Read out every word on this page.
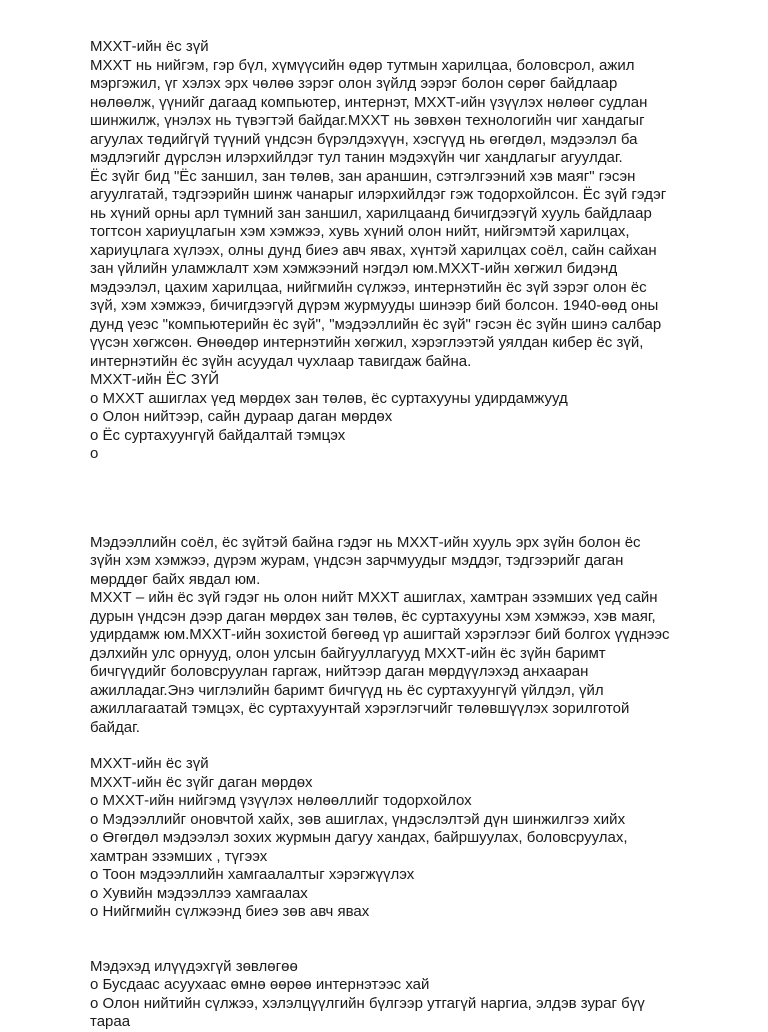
МХХТ-ийн ёс зүй
МХХТ нь нийгэм, гэр бүл, хүмүүсийн өдөр тутмын харилцаа, боловсрол, ажил
мэргэжил, үг хэлэх эрх чөлөө зэрэг олон зүйлд ээрэг болон сөрөг байдлаар
нөлөөлж, үүнийг дагаад компьютер, интернэт, МХХТ-ийн үзүүлэх нөлөөг судлан
шинжилж, үнэлэх нь түвэгтэй байдаг.МХХТ нь зөвхөн технологийн чиг хандагыг
агуулах төдийгүй түүний үндсэн бүрэлдэхүүн, хэсгүүд нь өгөгдөл, мэдээлэл ба
мэдлэгийг дүрслэн илэрхийлдэг тул танин мэдэхүйн чиг хандлагыг агуулдаг.
Ёс зүйг бид "Ёс заншил, зан төлөв, зан араншин, сэтгэлгээний хэв маяг" гэсэн
агуулгатай, тэдгээрийн шинж чанарыг илэрхийлдэг гэж тодорхойлсон. Ёс зүй гэдэг
нь хүний орны арл түмний зан заншил, харилцаанд бичигдээгүй хууль байдлаар
тогтсон хариуцлагын хэм хэмжээ, хувь хүний олон нийт, нийгэмтэй харилцах,
хариуцлага хүлээх, олны дунд биеэ авч явах, хүнтэй харилцах соёл, сайн сайхан
зан үйлийн уламжлалт хэм хэмжээний нэгдэл юм.МХХТ-ийн хөгжил бидэнд
мэдээлэл, цахим харилцаа, нийгмийн сүлжээ, интернэтийн ёс зүй зэрэг олон ёс
зүй, хэм хэмжээ, бичигдээгүй дүрэм журмууды шинээр бий болсон. 1940-өөд оны
дунд үеэс "компьютерийн ёс зүй", "мэдээллийн ёс зүй" гэсэн ёс зүйн шинэ салбар
үүсэн хөгжсөн. Өнөөдөр интернэтийн хөгжил, хэрэглээтэй уялдан кибер ёс зүй,
интернэтийн ёс зүйн асуудал чухлаар тавигдаж байна.
МХХТ-ийн ЁС ЗҮЙ
o МХХТ ашиглах үед мөрдөх зан төлөв, ёс суртахууны удирдамжууд
o Олон нийтээр, сайн дураар даган мөрдөх
o Ёс суртахуунгүй байдалтай тэмцэх
o
Мэдээллийн соёл, ёс зүйтэй байна гэдэг нь МХХТ-ийн хууль эрх зүйн болон ёс
зүйн хэм хэмжээ, дүрэм журам, үндсэн зарчмуудыг мэддэг, тэдгээрийг даган
мөрддөг байх явдал юм.
МХХТ – ийн ёс зүй гэдэг нь олон нийт МХХТ ашиглах, хамтран эзэмших үед сайн
дурын үндсэн дээр даган мөрдөх зан төлөв, ёс суртахууны хэм хэмжээ, хэв маяг,
удирдамж юм.МХХТ-ийн зохистой бөгөөд үр ашигтай хэрэглээг бий болгох үүднээс
дэлхийн улс орнууд, олон улсын байгууллагууд МХХТ-ийн ёс зүйн баримт
бичгүүдийг боловсруулан гаргаж, нийтээр даган мөрдүүлэхэд анхааран
ажилладаг.Энэ чиглэлийн баримт бичгүүд нь ёс суртахуунгүй үйлдэл, үйл
ажиллагаатай тэмцэх, ёс суртахуунтай хэрэглэгчийг төлөвшүүлэх зорилготой
байдаг.
МХХТ-ийн ёс зүй
МХХТ-ийн ёс зүйг даган мөрдөх
o МХХТ-ийн нийгэмд үзүүлэх нөлөөллийг тодорхойлох
o Мэдээллийг оновчтой хайх, зөв ашиглах, үндэслэлтэй дүн шинжилгээ хийх
o Өгөгдөл мэдээлэл зохих журмын дагуу хандах, байршуулах, боловсруулах,
хамтран эзэмших , түгээх
o Тоон мэдээллийн хамгаалалтыг хэрэгжүүлэх
o Хувийн мэдээллээ хамгаалах
o Нийгмийн сүлжээнд биеэ зөв авч явах
Мэдэхэд илүүдэхгүй зөвлөгөө
o Бусдаас асуухаас өмнө өөрөө интернэтээс хай
o Олон нийтийн сүлжээ, хэлэлцүүлгийн бүлгээр утгагүй наргиа, элдэв зураг бүү
тараа
